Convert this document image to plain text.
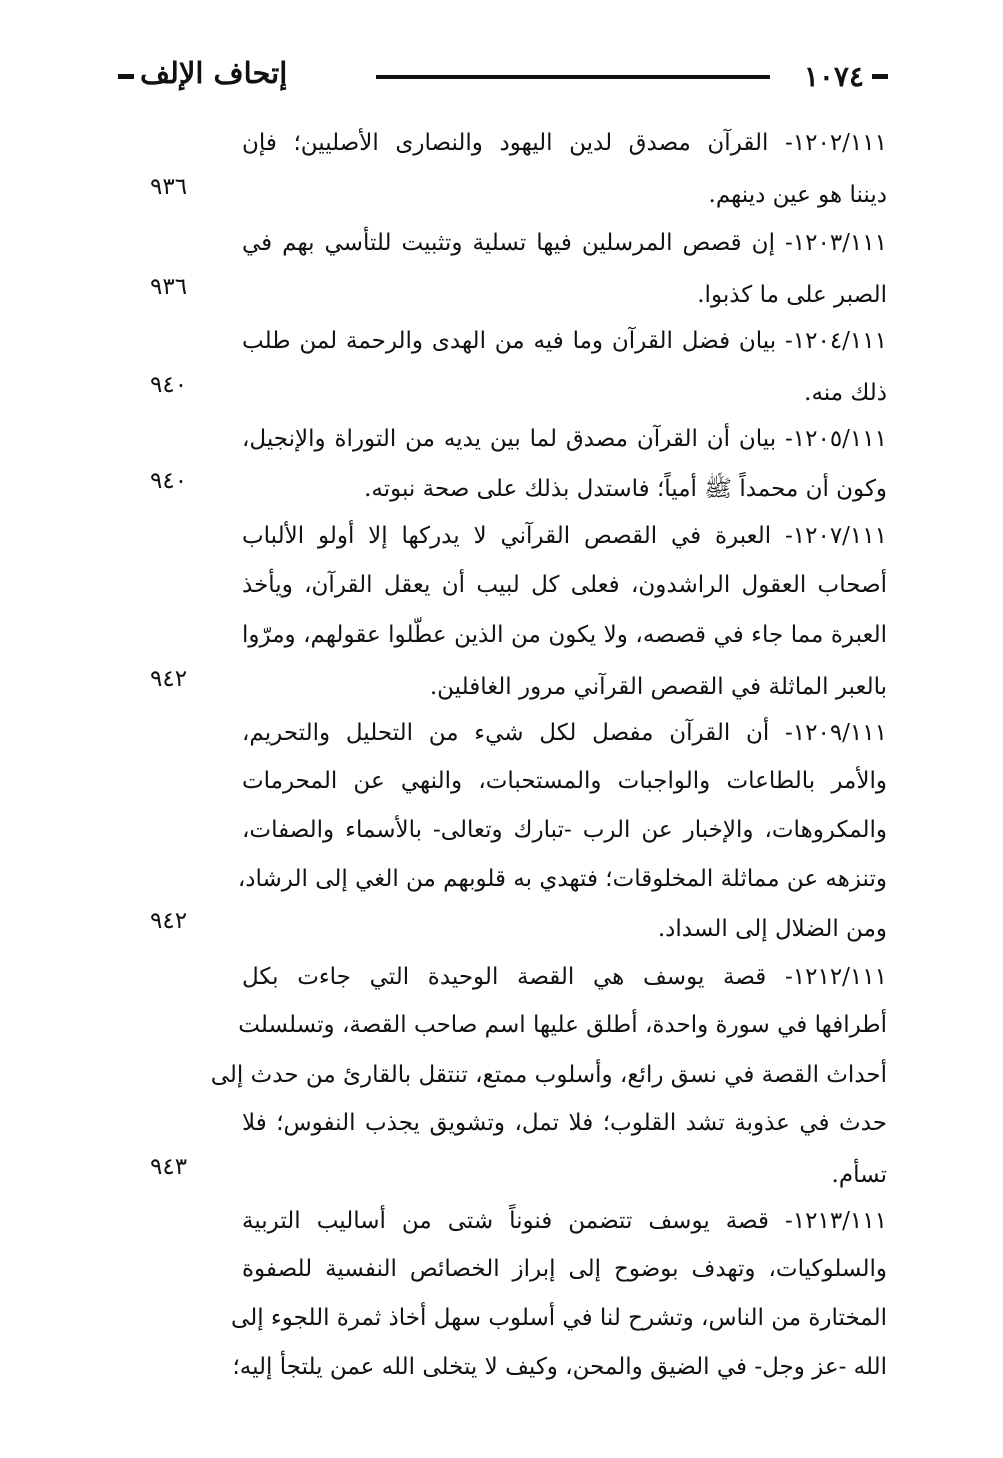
إتحاف الإلف	١٠٧٤
١٢٠٢/١١١- القرآن مصدق لدين اليهود والنصارى الأصليين؛ فإن
ديننا هو عين دينهم.
٩٣٦
١٢٠٣/١١١- إن قصص المرسلين فيها تسلية وتثبيت للتأسي بهم في
الصبر على ما كذبوا.
٩٣٦
١٢٠٤/١١١- بيان فضل القرآن وما فيه من الهدى والرحمة لمن طلب
ذلك منه.
٩٤٠
١٢٠٥/١١١- بيان أن القرآن مصدق لما بين يديه من التوراة والإنجيل،
وكون أن محمداً ﷺ أمياً؛ فاستدل بذلك على صحة نبوته.
٩٤٠
١٢٠٧/١١١- العبرة في القصص القرآني لا يدركها إلا أولو الألباب
أصحاب العقول الراشدون، فعلى كل لبيب أن يعقل القرآن، ويأخذ
العبرة مما جاء في قصصه، ولا يكون من الذين عطّلوا عقولهم، ومرّوا
بالعبر الماثلة في القصص القرآني مرور الغافلين.
٩٤٢
١٢٠٩/١١١- أن القرآن مفصل لكل شيء من التحليل والتحريم،
والأمر بالطاعات والواجبات والمستحبات، والنهي عن المحرمات
والمكروهات، والإخبار عن الرب -تبارك وتعالى- بالأسماء والصفات،
وتنزهه عن مماثلة المخلوقات؛ فتهدي به قلوبهم من الغي إلى الرشاد،
ومن الضلال إلى السداد.
٩٤٢
١٢١٢/١١١- قصة يوسف هي القصة الوحيدة التي جاءت بكل
أطرافها في سورة واحدة، أطلق عليها اسم صاحب القصة، وتسلسلت
أحداث القصة في نسق رائع، وأسلوب ممتع، تنتقل بالقارئ من حدث إلى
حدث في عذوبة تشد القلوب؛ فلا تمل، وتشويق يجذب النفوس؛ فلا
تسأم.
٩٤٣
١٢١٣/١١١- قصة يوسف تتضمن فنوناً شتى من أساليب التربية
والسلوكيات، وتهدف بوضوح إلى إبراز الخصائص النفسية للصفوة
المختارة من الناس، وتشرح لنا في أسلوب سهل أخاذ ثمرة اللجوء إلى
الله -عز وجل- في الضيق والمحن، وكيف لا يتخلى الله عمن يلتجأ إليه؛
